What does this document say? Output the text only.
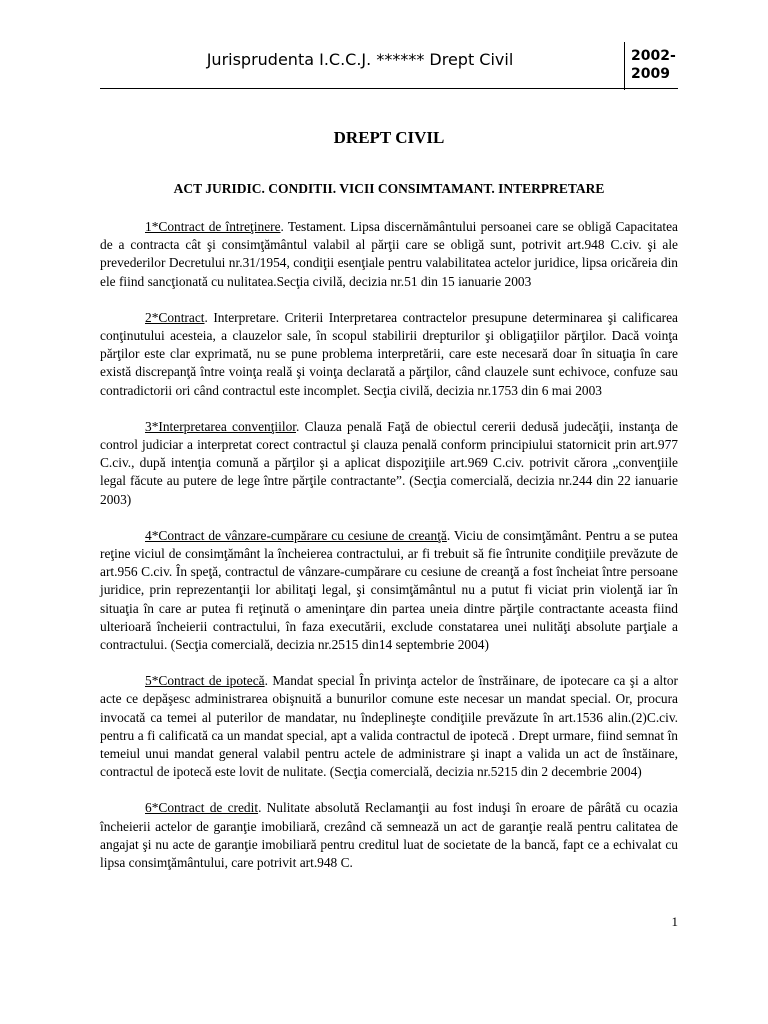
Jurisprudenta I.C.C.J. ****** Drept Civil	2002-
2009
DREPT CIVIL
ACT JURIDIC. CONDITII. VICII CONSIMTAMANT. INTERPRETARE

1*Contract de întreţinere. Testament. Lipsa discernământului persoanei care se obligă Capacitatea de a contracta cât şi consimţământul valabil al părţii care se obligă sunt, potrivit art.948 C.civ. şi ale prevederilor Decretului nr.31/1954, condiţii esenţiale pentru valabilitatea actelor juridice, lipsa oricăreia din ele fiind sancţionată cu nulitatea.Secţia civilă, decizia nr.51 din 15 ianuarie 2003

2*Contract. Interpretare. Criterii Interpretarea contractelor presupune determinarea şi calificarea conţinutului acesteia, a clauzelor sale, în scopul stabilirii drepturilor şi obligaţiilor părţilor. Dacă voinţa părţilor este clar exprimată, nu se pune problema interpretării, care este necesară doar în situaţia în care există discrepanţă între voinţa reală şi voinţa declarată a părţilor, când clauzele sunt echivoce, confuze sau contradictorii ori când contractul este incomplet. Secţia civilă, decizia nr.1753 din 6 mai 2003

3*Interpretarea convenţiilor. Clauza penală Faţă de obiectul cererii dedusă judecăţii, instanţa de control judiciar a interpretat corect contractul şi clauza penală conform principiului statornicit prin art.977 C.civ., după intenţia comună a părţilor şi a aplicat dispoziţiile art.969 C.civ. potrivit cărora „convenţiile legal făcute au putere de lege între părţile contractante”. (Secţia comercială, decizia nr.244 din 22 ianuarie 2003)

4*Contract de vânzare-cumpărare cu cesiune de creanţă. Viciu de consimţământ. Pentru a se putea reţine viciul de consimţământ la încheierea contractului, ar fi trebuit să fie întrunite condiţiile prevăzute de art.956 C.civ. În speţă, contractul de vânzare-cumpărare cu cesiune de creanţă a fost încheiat între persoane juridice, prin reprezentanţii lor abilitaţi legal, şi consimţământul nu a putut fi viciat prin violenţă iar în situaţia în care ar putea fi reţinută o ameninţare din partea uneia dintre părţile contractante aceasta fiind ulterioară încheierii contractului, în faza executării, exclude constatarea unei nulităţi absolute parţiale a contractului. (Secţia comercială, decizia nr.2515 din14 septembrie 2004)

5*Contract de ipotecă. Mandat special În privinţa actelor de înstrăinare, de ipotecare ca şi a altor acte ce depăşesc administrarea obişnuită a bunurilor comune este necesar un mandat special. Or, procura invocată ca temei al puterilor de mandatar, nu îndeplineşte condiţiile prevăzute în art.1536 alin.(2)C.civ. pentru a fi calificată ca un mandat special, apt a valida contractul de ipotecă . Drept urmare, fiind semnat în temeiul unui mandat general valabil pentru actele de administrare şi inapt a valida un act de înstăinare, contractul de ipotecă este lovit de nulitate. (Secţia comercială, decizia nr.5215 din 2 decembrie 2004)

6*Contract de credit. Nulitate absolută Reclamanţii au fost induşi în eroare de pârâtă cu ocazia încheierii actelor de garanţie imobiliară, crezând că semnează un act de garanţie reală pentru calitatea de angajat şi nu acte de garanţie imobiliară pentru creditul luat de societate de la bancă, fapt ce a echivalat cu lipsa consimţământului, care potrivit art.948 C.

1
